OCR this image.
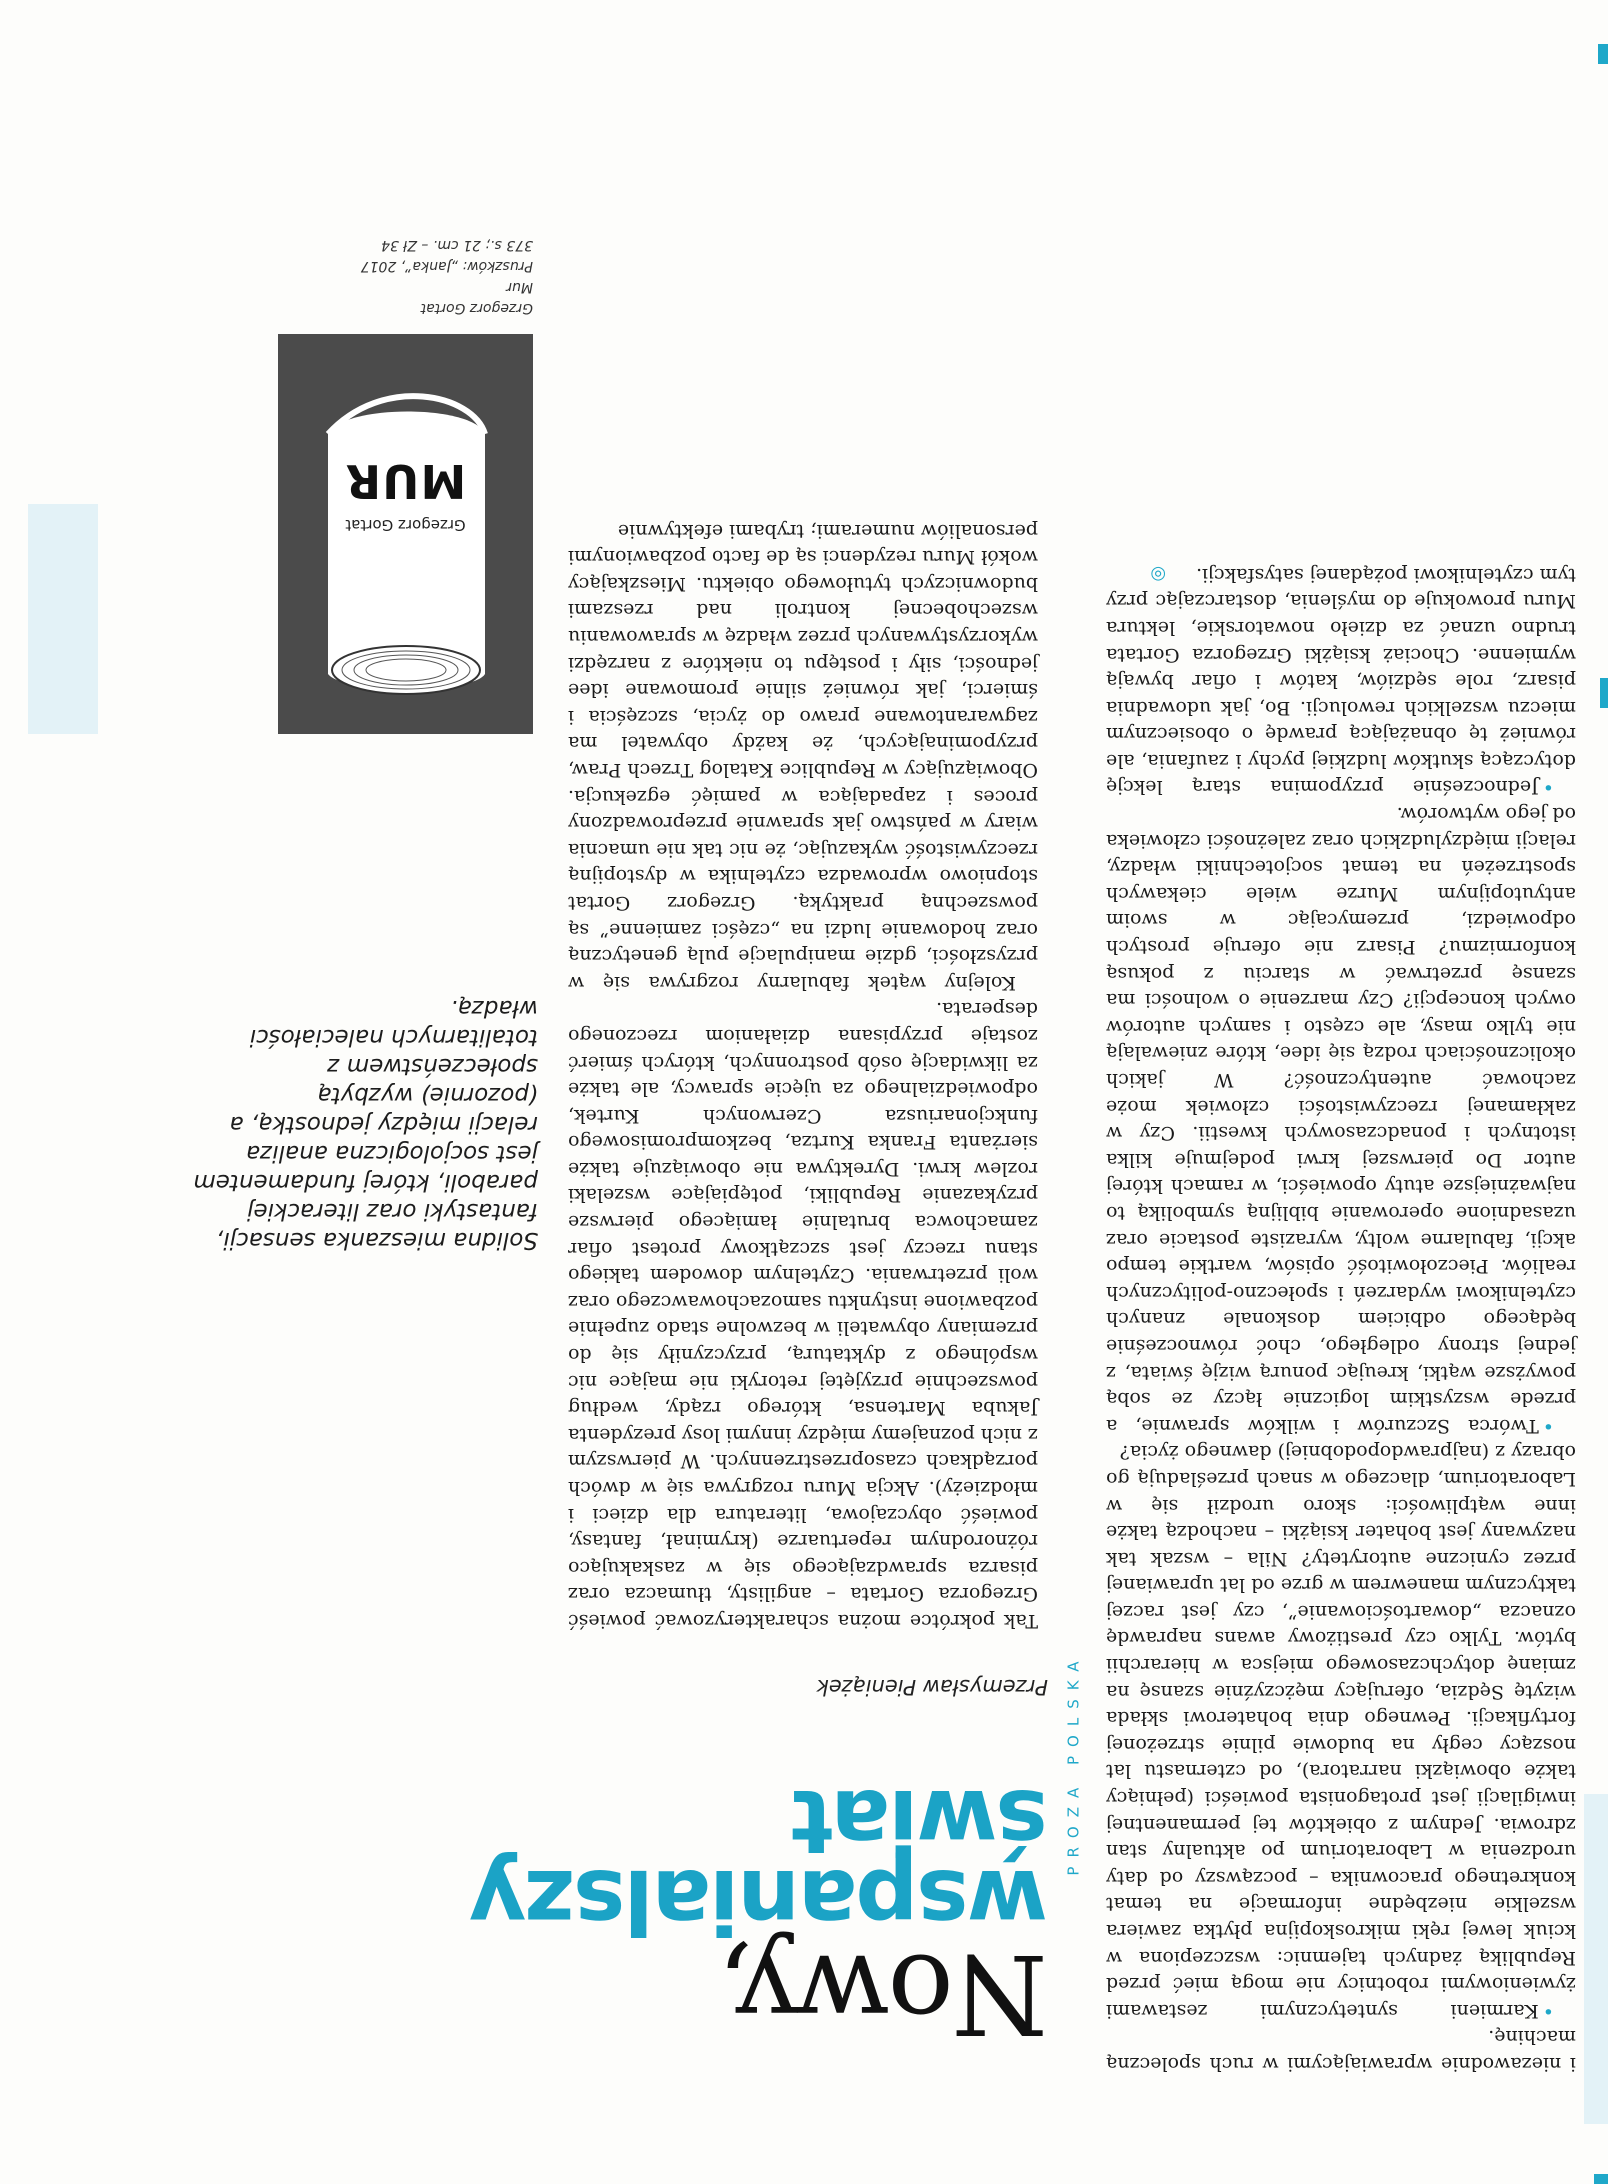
PROZA POLSKA
Nowy,
wspanialszy
świat
Przemysław Pieniążek

Tak pokrótce można scharakteryzować powieść Grzegorza Gortata – angilisty, tłumacza oraz pisarza sprawdzającego się w zaskakująco różnorodnym repertuarze (kryminał, fantasy, powieść obyczajowa, literatura dla dzieci i młodzieży). Akcja Muru rozgrywa się w dwóch porządkach czasoprzestrzennych. W pierwszym z nich poznajemy między innymi losy prezydenta Jakuba Martensa, którego rządy, według powszechnie przyjętej retoryki nie mające nic wspólnego z dyktaturą, przyczyniły się do przemiany obywateli w bezwolne stado zupełnie pozbawione instynktu samozachowawczego oraz woli przetrwania. Czytelnym dowodem takiego stanu rzeczy jest szczątkowy protest ofiar zamachowca brutalnie łamiącego pierwsze przykazanie Republiki, potępiające wszelaki rozlew krwi. Dyrektywa nie obowiązuje także sierżanta Franka Kurtza, bezkompromisowego funkcjonariusza Czerwonych Kurtek, odpowiedzialnego za ujęcie sprawcy, ale także za likwidację osób postronnych, których śmierć zostaje przypisana działaniom rzeczonego desperata.

Kolejny wątek fabularny rozgrywa się w przyszłości, gdzie manipulacje pulą genetyczną oraz hodowanie ludzi na „części zamienne” są powszechną praktyką. Grzegorz Gortat stopniowo wprowadza czytelnika w dystopijną rzeczywistość wykazując, że nic tak nie umacnia wiary w państwo jak sprawnie przeprowadzony proces i zapadająca w pamięć egzekucja. Obowiązujący w Republice Katalog Trzech Praw, przypominających, że każdy obywatel ma zagwarantowane prawo do życia, szczęścia i śmierci, jak również silnie promowane idee jedności, siły i postępu to niektóre z narzędzi wykorzystywanych przez władzę w sprawowaniu wszechobecnej kontroli nad rzeszami budowniczych tytułowego obiektu. Mieszkający wokół Muru rezydenci są de facto pozbawionymi personaliów numerami; trybami efektywnie

i niezawodnie wprawiającymi w ruch spoleczną machinę.

•Karmieni syntetycznymi zestawami żywieniowymi robotnicy nie mogą mieć przed Republiką żadnych tajemnic: wszczepiona w kciuk lewej ręki mikroskopijna płytka zawiera wszelkie niezbędne informacje na temat konkretnego pracownika – począwszy od daty urodzenia w Laboratorium po aktualny stan zdrowia. Jednym z obiektów tej permanentnej inwigilacji jest protagonista powieści (pełniący także obowiązki narratora), od czternastu lat noszący cegły na budowie pilnie strzeżonej fortyfikacji. Pewnego dnia bohaterowi składa wizytę Sędzia, oferujący mężczyźnie szansę na zmianę dotychczasowego miejsca w hierarchii bytów. Tylko czy prestiżowy awans naprawdę oznacza „dowartościowanie”, czy jest raczej taktycznym manewrem w grze od lat uprawianej przez cyniczne autorytety? Nila – wszak tak nazywany jest bohater książki – nachodzą także inne wątpliwości: skoro urodził się w Laboratorium, dlaczego w snach prześladują go obrazy z (najprawdopodobniej) dawnego życia?

•Twórca Szczurów i wilków sprawnie, a przede wszystkim logicznie łączy ze sobą powyższe wątki, kreując ponurą wizję świata, z jednej strony odległego, choć równocześnie będącego odbiciem doskonale znanych czytelnikowi wydarzeń i społeczno-politycznych realiów. Pieczołowitość opisów, wartkie tempo akcji, fabularne wolty, wyraziste postacie oraz uzasadnione operowanie biblijną symboliką to najważniejsze atuty opowieści, w ramach której autor Do pierwszej krwi podejmuje kilka istotnych i ponadczasowych kwestii. Czy w zakłamanej rzeczywistości człowiek może zachować autentyczność? W jakich okolicznościach rodzą się idee, które zniewalają nie tylko masy, ale często i samych autorów owych koncepcji? Czy marzenie o wolności ma szansę przetrwać w starciu z pokusą konformizmu? Pisarz nie oferuje prostych odpowiedzi, przemycając w swoim antyutopijnym Murze wiele ciekawych spostrzeżeń na temat socjotechniki władzy, relacji międzyludzkich oraz zależności człowieka od jego wytworów.

•Jednocześnie przypomina starą lekcję dotyczącą skutków ludzkiej pychy i zaufania, ale również tę obnażającą prawdę o obosiecznym mieczu wszelkich rewolucji. Bo, jak udowadnia pisarz, role sędziów, katów i ofiar bywają wymienne. Chociaż książki Grzegorza Gortata trudno uznać za dzieło nowatorskie, lektura Muru prowokuje do myślenia, dostarczając przy tym czytelnikowi pożądanej satysfakcji.◎

Solidna mieszanka sensacji, fantastyki oraz literackiej paraboli, której fundamentem jest socjologiczna analiza relacji między jednostką, a (pozornie) wyzbytą społeczeństwem z totalitarnych naleciałości władzą.
Grzegorz Gortat
MUR
Grzegorz Gortat
Mur
Pruszków: „Janka”, 2017
373 s.; 21 cm. – Zł 34
